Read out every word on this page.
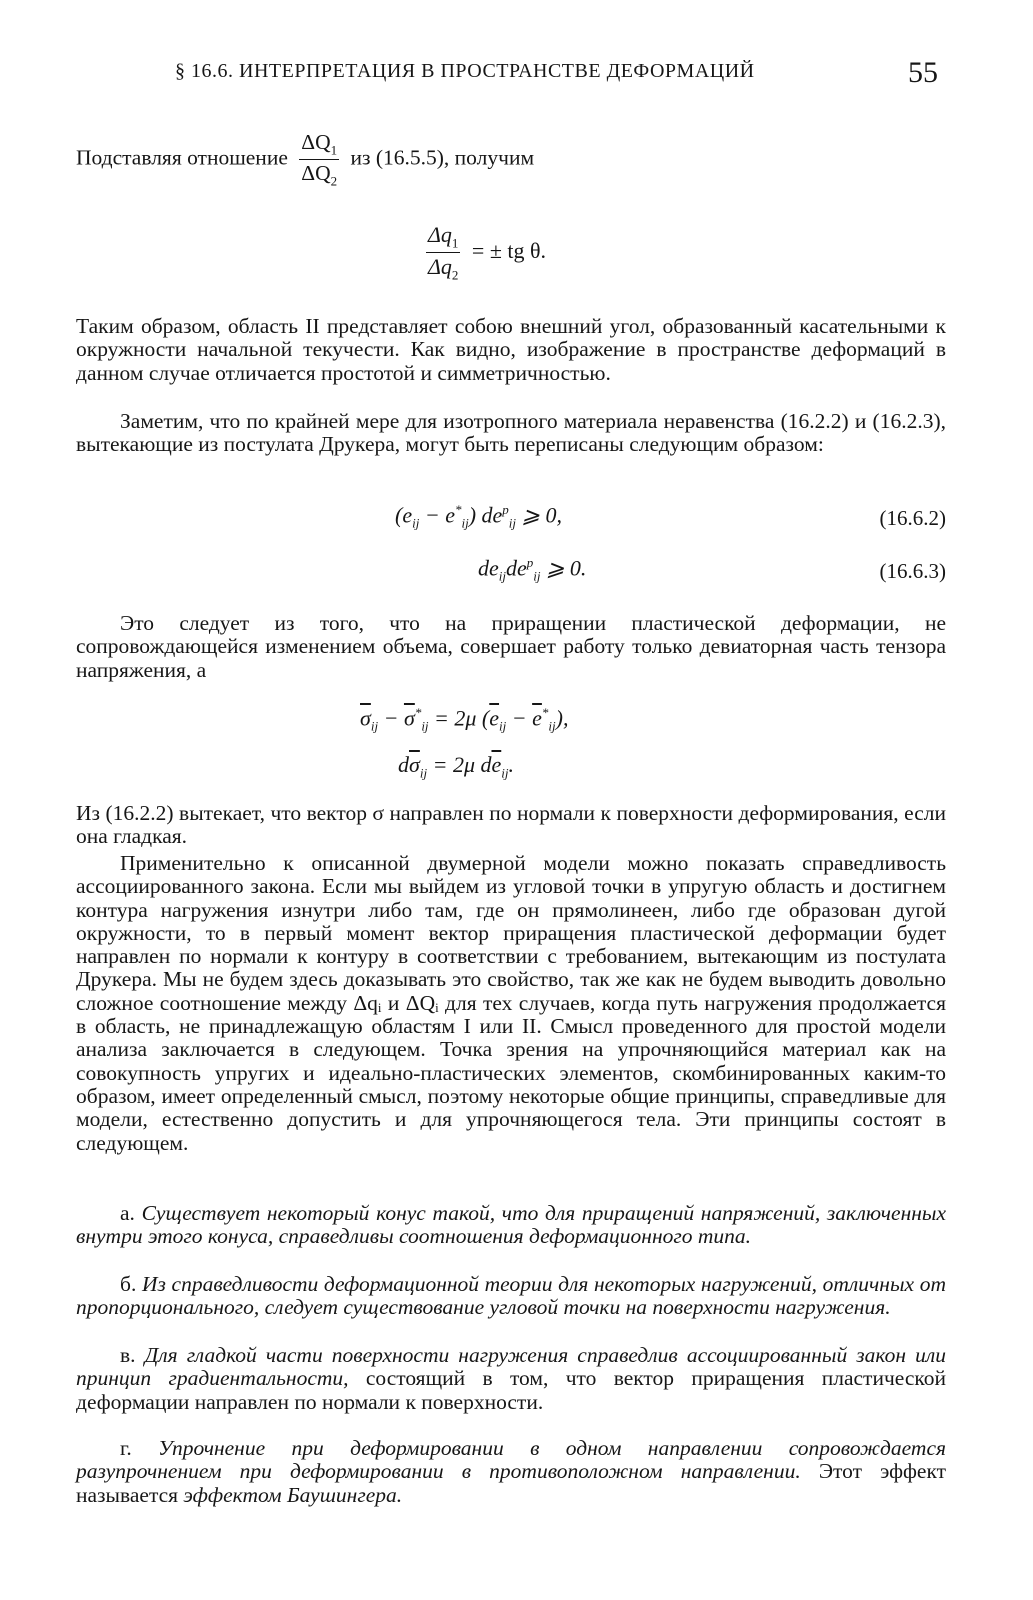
§ 16.6. ИНТЕРПРЕТАЦИЯ В ПРОСТРАНСТВЕ ДЕФОРМАЦИЙ	55
Подставляя отношение $\frac{\Delta Q_1}{\Delta Q_2}$ из (16.5.5), получим
$\frac{\Delta q_1}{\Delta q_2}$ = ± tg θ.

Таким образом, область II представляет собою внешний угол, образованный касательными к окружности начальной текучести. Как видно, изображение в пространстве деформаций в данном случае отличается простотой и симметричностью.

Заметим, что по крайней мере для изотропного материала неравенства (16.2.2) и (16.2.3), вытекающие из постулата Друкера, могут быть переписаны следующим образом:

$(e_{ij} - e^*_{ij})$ $de^p_{ij}$ ⩾ 0,	(16.6.2)
$de_{ij}de^p_{ij}$ ⩾ 0.	(16.6.3)

Это следует из того, что на приращении пластической деформации, не сопровождающейся изменением объема, совершает работу только девиаторная часть тензора напряжения, а

$\overline{\sigma}_{ij} - \overline{\sigma}^*_{ij} = 2\mu$ $(\overline{e}_{ij} - \overline{e}^*_{ij})$,
$d\overline{\sigma}_{ij} = 2\mu$ $d\overline{e}_{ij}$.

Из (16.2.2) вытекает, что вектор σ направлен по нормали к поверхности деформирования, если она гладкая.

Применительно к описанной двумерной модели можно показать справедливость ассоциированного закона. Если мы выйдем из угловой точки в упругую область и достигнем контура нагружения изнутри либо там, где он прямолинеен, либо где образован дугой окружности, то в первый момент вектор приращения пластической деформации будет направлен по нормали к контуру в соответствии с требованием, вытекающим из постулата Друкера. Мы не будем здесь доказывать это свойство, так же как не будем выводить довольно сложное соотношение между Δqᵢ и ΔQᵢ для тех случаев, когда путь нагружения продолжается в область, не принадлежащую областям I или II. Смысл проведенного для простой модели анализа заключается в следующем. Точка зрения на упрочняющийся материал как на совокупность упругих и идеально-пластических элементов, скомбинированных каким-то образом, имеет определенный смысл, поэтому некоторые общие принципы, справедливые для модели, естественно допустить и для упрочняющегося тела. Эти принципы состоят в следующем.

а. Существует некоторый конус такой, что для приращений напряжений, заключенных внутри этого конуса, справедливы соотношения деформационного типа.

б. Из справедливости деформационной теории для некоторых нагружений, отличных от пропорционального, следует существование угловой точки на поверхности нагружения.

в. Для гладкой части поверхности нагружения справедлив ассоциированный закон или принцип градиентальности, состоящий в том, что вектор приращения пластической деформации направлен по нормали к поверхности.

г. Упрочнение при деформировании в одном направлении сопровождается разупрочнением при деформировании в противоположном направлении. Этот эффект называется эффектом Баушингера.
